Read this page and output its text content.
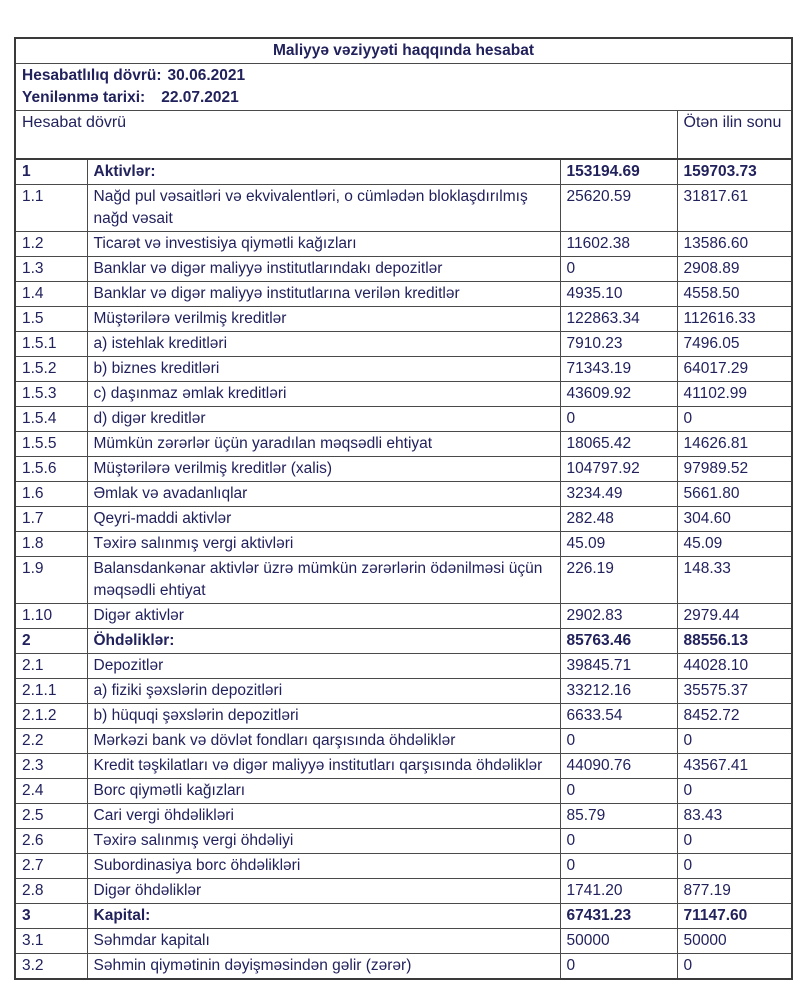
Maliyyə vəziyyəti haqqında hesabat			

Hesabatlılıq dövrü: 30.06.2021
Yenilənmə tarixi: 22.07.2021			

Hesabat dövrü			Ötən ilin sonu
1	Aktivlər:	153194.69	159703.73
1.1	Nağd pul vəsaitləri və ekvivalentləri, o cümlədən bloklaşdırılmış nağd vəsait	25620.59	31817.61
1.2	Ticarət və investisiya qiymətli kağızları	11602.38	13586.60
1.3	Banklar və digər maliyyə institutlarındakı depozitlər	0	2908.89
1.4	Banklar və digər maliyyə institutlarına verilən kreditlər	4935.10	4558.50
1.5	Müştərilərə verilmiş kreditlər	122863.34	112616.33
1.5.1	a) istehlak kreditləri	7910.23	7496.05
1.5.2	b) biznes kreditləri	71343.19	64017.29
1.5.3	c) daşınmaz əmlak kreditləri	43609.92	41102.99
1.5.4	d) digər kreditlər	0	0
1.5.5	Mümkün zərərlər üçün yaradılan məqsədli ehtiyat	18065.42	14626.81
1.5.6	Müştərilərə verilmiş kreditlər (xalis)	104797.92	97989.52
1.6	Əmlak və avadanlıqlar	3234.49	5661.80
1.7	Qeyri-maddi aktivlər	282.48	304.60
1.8	Təxirə salınmış vergi aktivləri	45.09	45.09
1.9	Balansdankənar aktivlər üzrə mümkün zərərlərin ödənilməsi üçün məqsədli ehtiyat	226.19	148.33
1.10	Digər aktivlər	2902.83	2979.44
2	Öhdəliklər:	85763.46	88556.13
2.1	Depozitlər	39845.71	44028.10
2.1.1	a) fiziki şəxslərin depozitləri	33212.16	35575.37
2.1.2	b) hüquqi şəxslərin depozitləri	6633.54	8452.72
2.2	Mərkəzi bank və dövlət fondları qarşısında öhdəliklər	0	0
2.3	Kredit təşkilatları və digər maliyyə institutları qarşısında öhdəliklər	44090.76	43567.41
2.4	Borc qiymətli kağızları	0	0
2.5	Cari vergi öhdəlikləri	85.79	83.43
2.6	Təxirə salınmış vergi öhdəliyi	0	0
2.7	Subordinasiya borc öhdəlikləri	0	0
2.8	Digər öhdəliklər	1741.20	877.19
3	Kapital:	67431.23	71147.60
3.1	Səhmdar kapitalı	50000	50000
3.2	Səhmin qiymətinin dəyişməsindən gəlir (zərər)	0	0
